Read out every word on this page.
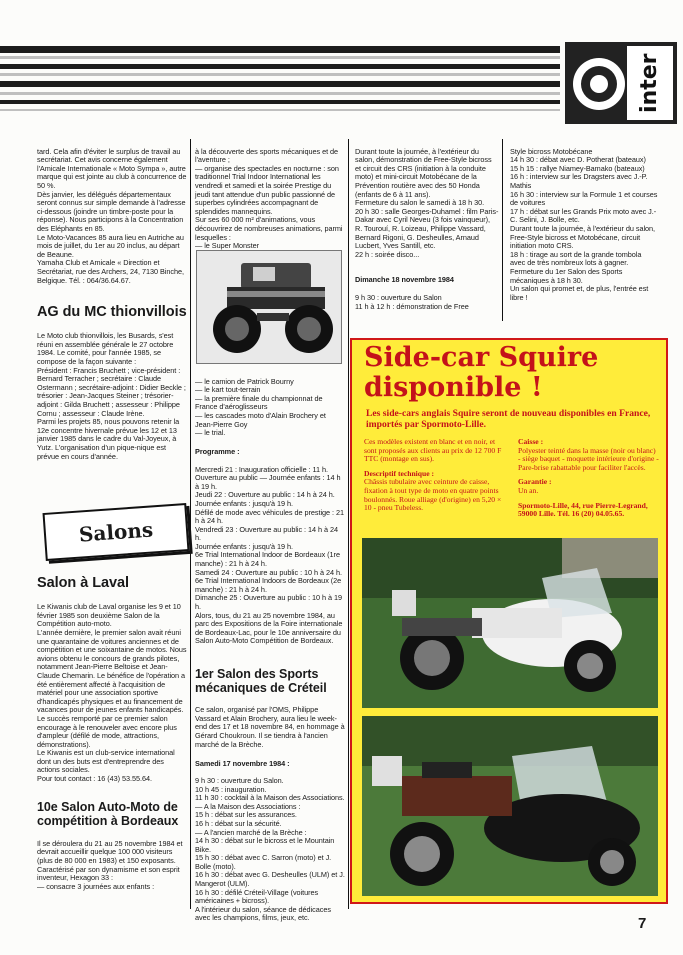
inter

tard. Cela afin d'éviter le surplus de travail au secrétariat. Cet avis concerne également l'Amicale Internationale « Moto Sympa », autre marque qui est jointe au club à concurrence de 50 %.
Dès janvier, les délégués départementaux seront connus sur simple demande à l'adresse ci-dessous (joindre un timbre-poste pour la réponse). Nous participons à la Concentration des Eléphants en 85.
Le Moto-Vacances 85 aura lieu en Autriche au mois de juillet, du 1er au 20 inclus, au départ de Beaune.
Yamaha Club et Amicale « Direction et Secrétariat, rue des Archers, 24, 7130 Binche, Belgique. Tél. : 064/36.64.67.

AG du MC thionvillois

Le Moto club thionvillois, les Busards, s'est réuni en assemblée générale le 27 octobre 1984. Le comité, pour l'année 1985, se compose de la façon suivante :
Président : Francis Bruchett ; vice-président : Bernard Terracher ; secrétaire : Claude Ostermann ; secrétaire-adjoint : Didier Beckle ; trésorier : Jean-Jacques Steiner ; trésorier-adjoint : Gilda Bruchett ; assesseur : Philippe Cornu ; assesseur : Claude Irène.
Parmi les projets 85, nous pouvons retenir la 12e concentre hivernale prévue les 12 et 13 janvier 1985 dans le cadre du Val-Joyeux, à Yutz. L'organisation d'un pique-nique est prévue en cours d'année.

Salons

Salon à Laval

Le Kiwanis club de Laval organise les 9 et 10 février 1985 son deuxième Salon de la Compétition auto-moto.
L'année dernière, le premier salon avait réuni une quarantaine de voitures anciennes et de compétition et une soixantaine de motos. Nous avions obtenu le concours de grands pilotes, notamment Jean-Pierre Beltoise et Jean-Claude Chemarin. Le bénéfice de l'opération a été entièrement affecté à l'acquisition de matériel pour une association sportive d'handicapés physiques et au financement de vacances pour de jeunes enfants handicapés.
Le succès remporté par ce premier salon encourage à le renouveler avec encore plus d'ampleur (défilé de mode, attractions, démonstrations).
Le Kiwanis est un club-service international dont un des buts est d'entreprendre des actions sociales.
Pour tout contact : 16 (43) 53.55.64.

10e Salon Auto-Moto de compétition à Bordeaux

Il se déroulera du 21 au 25 novembre 1984 et devrait accueillir quelque 100 000 visiteurs (plus de 80 000 en 1983) et 150 exposants.
Caractérisé par son dynamisme et son esprit inventeur, Hexagon 33 :
— consacre 3 journées aux enfants :

à la découverte des sports mécaniques et de l'aventure ;
— organise des spectacles en nocturne : son traditionnel Trial Indoor International les vendredi et samedi et la soirée Prestige du jeudi tant attendue d'un public passionné de superbes cylindrées accompagnant de splendides mannequins.
Sur ses 60 000 m² d'animations, vous découvrirez de nombreuses animations, parmi lesquelles :
— le Super Monster

— le camion de Patrick Bourny
— le kart tout-terrain
— la première finale du championnat de France d'aéroglisseurs
— les cascades moto d'Alain Brochery et Jean-Pierre Goy
— le trial.

Programme :

Mercredi 21 : Inauguration officielle : 11 h.
Ouverture au public — Journée enfants : 14 h à 19 h.
Jeudi 22 : Ouverture au public : 14 h à 24 h.
Journée enfants : jusqu'à 19 h.
Défilé de mode avec véhicules de prestige : 21 h à 24 h.
Vendredi 23 : Ouverture au public : 14 h à 24 h.
Journée enfants : jusqu'à 19 h.
6e Trial International Indoor de Bordeaux (1re manche) : 21 h à 24 h.
Samedi 24 : Ouverture au public : 10 h à 24 h.
6e Trial International Indoors de Bordeaux (2e manche) : 21 h à 24 h.
Dimanche 25 : Ouverture au public : 10 h à 19 h.
Alors, tous, du 21 au 25 novembre 1984, au parc des Expositions de la Foire internationale de Bordeaux-Lac, pour le 10e anniversaire du Salon Auto-Moto Compétition de Bordeaux.

1er Salon des Sports mécaniques de Créteil

Ce salon, organisé par l'OMS, Philippe Vassard et Alain Brochery, aura lieu le week-end des 17 et 18 novembre 84, en hommage à Gérard Choukroun. Il se tiendra à l'ancien marché de la Brèche.

Samedi 17 novembre 1984 :

9 h 30 : ouverture du Salon.
10 h 45 : inauguration.
11 h 30 : cocktail à la Maison des Associations.
— A la Maison des Associations :
15 h : débat sur les assurances.
16 h : débat sur la sécurité.
— A l'ancien marché de la Brèche :
14 h 30 : débat sur le bicross et le Mountain Bike.
15 h 30 : débat avec C. Sarron (moto) et J. Bolle (moto).
16 h 30 : débat avec G. Desheulles (ULM) et J. Mangerot (ULM).
16 h 30 : défilé Créteil-Village (voitures américaines + bicross).
A l'intérieur du salon, séance de dédicaces avec les champions, films, jeux, etc.

Durant toute la journée, à l'extérieur du salon, démonstration de Free-Style bicross et circuit des CRS (initiation à la conduite moto) et mini-circuit Motobécane de la Prévention routière avec des 50 Honda (enfants de 6 à 11 ans).
Fermeture du salon le samedi à 18 h 30.
20 h 30 : salle Georges-Duhamel : film Paris-Dakar avec Cyril Neveu (3 fois vainqueur), R. Tourouí, R. Loizeau, Philippe Vassard, Bernard Rigoni, G. Desheulles, Arnaud Lucbert, Yves Santill, etc.
22 h : soirée disco...

Dimanche 18 novembre 1984

9 h 30 : ouverture du Salon
11 h à 12 h : démonstration de Free

Style bicross Motobécane
14 h 30 : débat avec D. Potherat (bateaux)
15 h 15 : rallye Niamey-Bamako (bateaux)
16 h : interview sur les Dragsters avec J.-P. Mathis
16 h 30 : interview sur la Formule 1 et courses de voitures
17 h : débat sur les Grands Prix moto avec J.-C. Selini, J. Bolle, etc.
Durant toute la journée, à l'extérieur du salon, Free-Style bicross et Motobécane, circuit initiation moto CRS.
18 h : tirage au sort de la grande tombola avec de très nombreux lots à gagner.
Fermeture du 1er Salon des Sports mécaniques à 18 h 30.
Un salon qui promet et, de plus, l'entrée est libre !

Side-car Squire disponible !
Les side-cars anglais Squire seront de nouveau disponibles en France, importés par Spormoto-Lille.

Ces modèles existent en blanc et en noir, et sont proposés aux clients au prix de 12 700 F TTC (montage en sus).

Descriptif technique :

Châssis tubulaire avec ceinture de caisse, fixation à tout type de moto en quatre points boulonnés. Roue alliage (d'origine) en 5,20 × 10 - pneu Tubeless.

Caisse :

Polyester teinté dans la masse (noir ou blanc) - siège baquet - moquette intérieure d'origine - Pare-brise rabattable pour faciliter l'accès.

Garantie :

Un an.

Spormoto-Lille, 44, rue Pierre-Legrand, 59000 Lille. Tél. 16 (20) 04.05.65.

7
